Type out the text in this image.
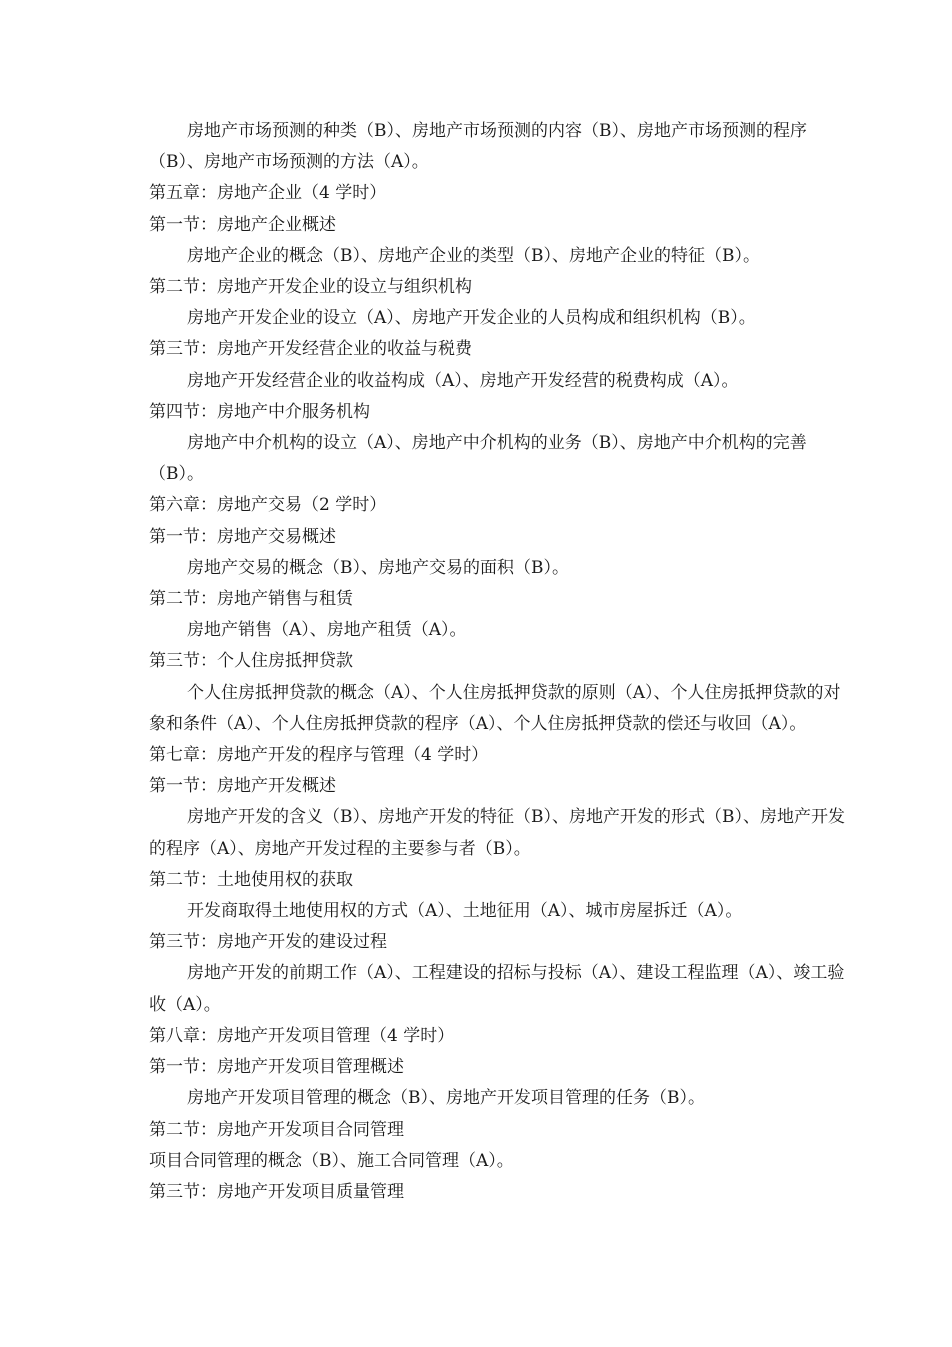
房地产市场预测的种类（B）、房地产市场预测的内容（B）、房地产市场预测的程序（B）、房地产市场预测的方法（A）。

第五章：房地产企业（4 学时）

第一节：房地产企业概述

房地产企业的概念（B）、房地产企业的类型（B）、房地产企业的特征（B）。

第二节：房地产开发企业的设立与组织机构

房地产开发企业的设立（A）、房地产开发企业的人员构成和组织机构（B）。

第三节：房地产开发经营企业的收益与税费

房地产开发经营企业的收益构成（A）、房地产开发经营的税费构成（A）。

第四节：房地产中介服务机构

房地产中介机构的设立（A）、房地产中介机构的业务（B）、房地产中介机构的完善（B）。

第六章：房地产交易（2 学时）

第一节：房地产交易概述

房地产交易的概念（B）、房地产交易的面积（B）。

第二节：房地产销售与租赁

房地产销售（A）、房地产租赁（A）。

第三节：个人住房抵押贷款

个人住房抵押贷款的概念（A）、个人住房抵押贷款的原则（A）、个人住房抵押贷款的对象和条件（A）、个人住房抵押贷款的程序（A）、个人住房抵押贷款的偿还与收回（A）。

第七章：房地产开发的程序与管理（4 学时）

第一节：房地产开发概述

房地产开发的含义（B）、房地产开发的特征（B）、房地产开发的形式（B）、房地产开发的程序（A）、房地产开发过程的主要参与者（B）。

第二节：土地使用权的获取

开发商取得土地使用权的方式（A）、土地征用（A）、城市房屋拆迁（A）。

第三节：房地产开发的建设过程

房地产开发的前期工作（A）、工程建设的招标与投标（A）、建设工程监理（A）、竣工验收（A）。

第八章：房地产开发项目管理（4 学时）

第一节：房地产开发项目管理概述

房地产开发项目管理的概念（B）、房地产开发项目管理的任务（B）。

第二节：房地产开发项目合同管理

项目合同管理的概念（B）、施工合同管理（A）。

第三节：房地产开发项目质量管理
